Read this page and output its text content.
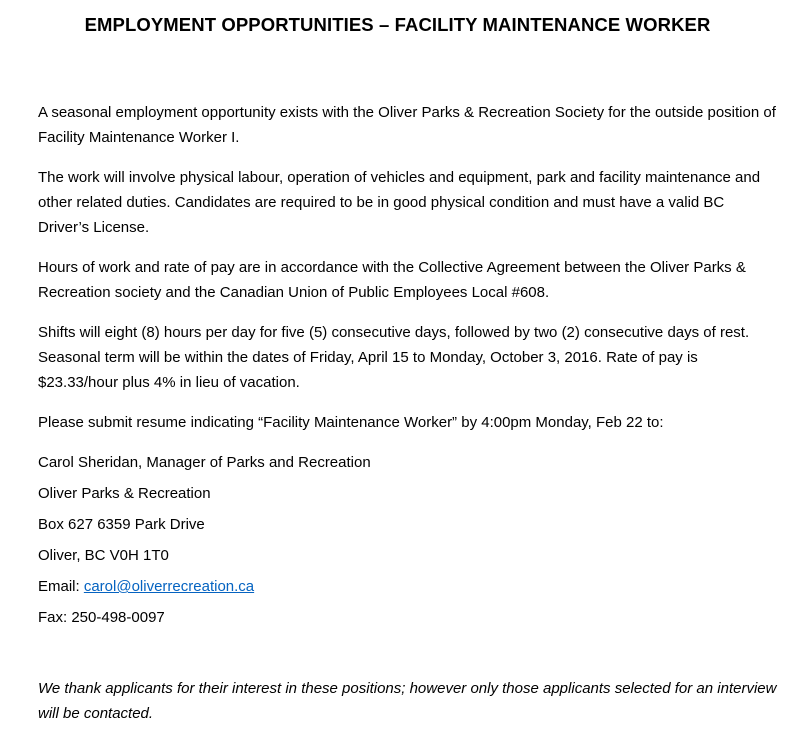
EMPLOYMENT OPPORTUNITIES – FACILITY MAINTENANCE WORKER

A seasonal employment opportunity exists with the Oliver Parks & Recreation Society for the outside position of Facility Maintenance Worker I.

The work will involve physical labour, operation of vehicles and equipment, park and facility maintenance and other related duties. Candidates are required to be in good physical condition and must have a valid BC Driver’s License.

Hours of work and rate of pay are in accordance with the Collective Agreement between the Oliver Parks & Recreation society and the Canadian Union of Public Employees Local #608.

Shifts will eight (8) hours per day for five (5) consecutive days, followed by two (2) consecutive days of rest. Seasonal term will be within the dates of Friday, April 15 to Monday, October 3, 2016. Rate of pay is $23.33/hour plus 4% in lieu of vacation.

Please submit resume indicating “Facility Maintenance Worker” by 4:00pm Monday, Feb 22 to:

Carol Sheridan, Manager of Parks and Recreation

Oliver Parks & Recreation

Box 627 6359 Park Drive

Oliver, BC V0H 1T0

Email: carol@oliverrecreation.ca

Fax: 250-498-0097

We thank applicants for their interest in these positions; however only those applicants selected for an interview will be contacted.
